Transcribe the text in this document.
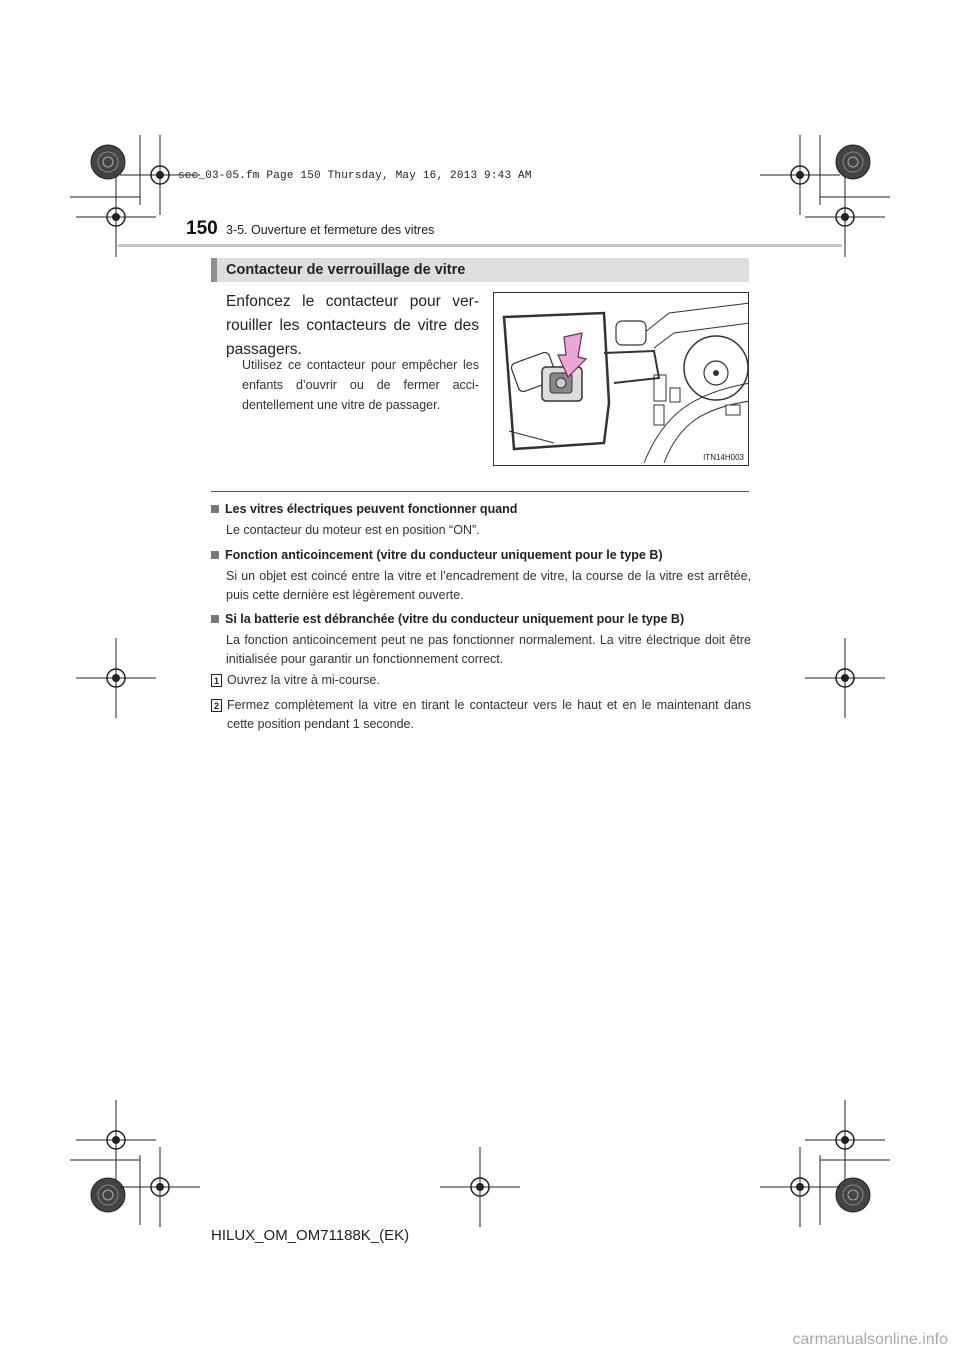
sec_03-05.fm Page 150 Thursday, May 16, 2013 9:43 AM
150 3-5. Ouverture et fermeture des vitres
Contacteur de verrouillage de vitre
Enfoncez le contacteur pour ver-rouiller les contacteurs de vitre des passagers.
Utilisez ce contacteur pour empêcher les enfants d’ouvrir ou de fermer acci-dentellement une vitre de passager.
ITN14H003
Les vitres électriques peuvent fonctionner quand
Le contacteur du moteur est en position “ON”.
Fonction anticoincement (vitre du conducteur uniquement pour le type B)
Si un objet est coincé entre la vitre et l’encadrement de vitre, la course de la vitre est arrêtée, puis cette dernière est légèrement ouverte.
Si la batterie est débranchée (vitre du conducteur uniquement pour le type B)
La fonction anticoincement peut ne pas fonctionner normalement. La vitre électrique doit être initialisée pour garantir un fonctionnement correct.
1 Ouvrez la vitre à mi-course.
2 Fermez complètement la vitre en tirant le contacteur vers le haut et en le maintenant dans cette position pendant 1 seconde.
HILUX_OM_OM71188K_(EK)
carmanualsonline.info
